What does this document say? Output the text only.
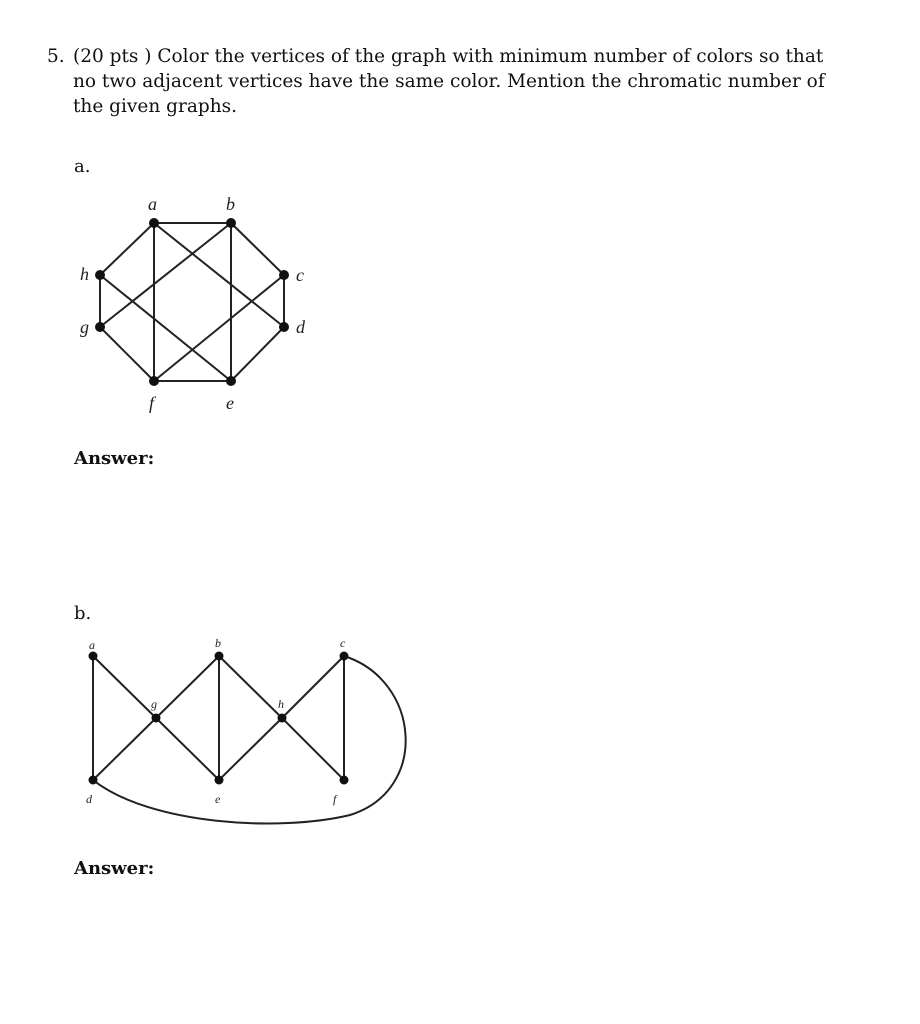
5. (20 pts ) Color the vertices of the graph with minimum number of colors so that no two adjacent vertices have the same color. Mention the chromatic number of the given graphs.
a.
Answer:
b.
Answer:
a	b
c
d
e
f
g
h
a	b	c
d	e	f
g	h
